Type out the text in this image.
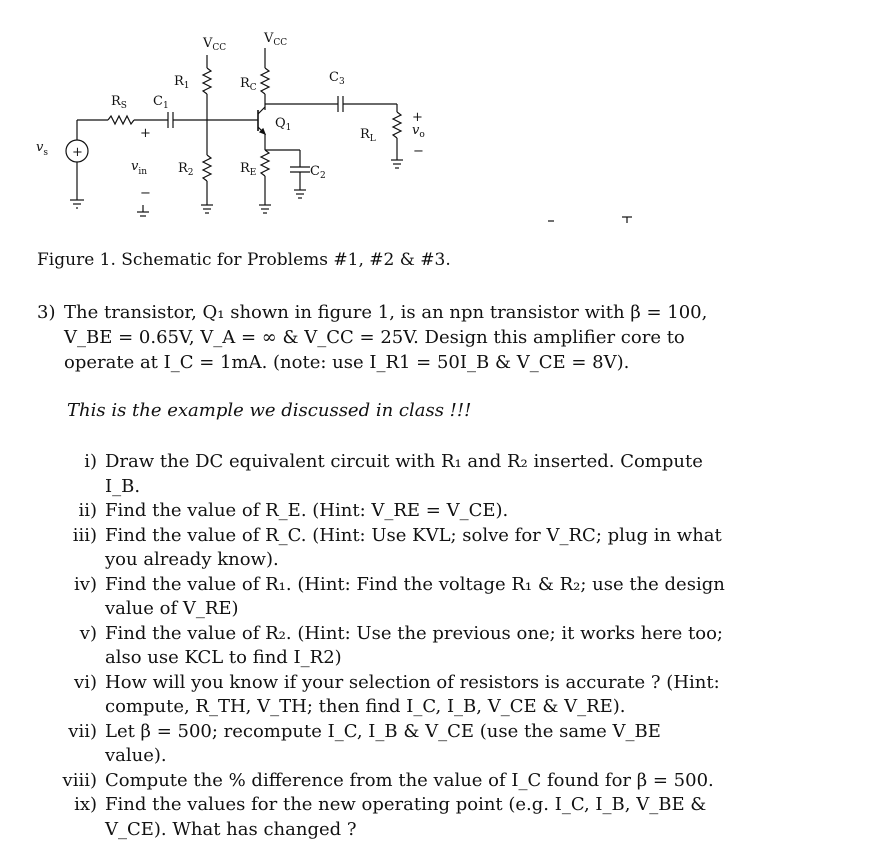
+
VCC
VCC
R1	RC
C3
RS C1
Q1	RL
+
vo
−
$v_s$
+
$v_{in}$
−
R2	RE	C2
Figure 1. Schematic for Problems #1, #2 & #3.
3) The transistor, Q₁ shown in figure 1, is an npn transistor with β = 100, V_BE = 0.65V, V_A = ∞ & V_CC = 25V. Design this amplifier core to operate at I_C = 1mA. (note: use I_R1 = 50I_B & V_CE = 8V).
This is the example we discussed in class !!!
i) Draw the DC equivalent circuit with R₁ and R₂ inserted. Compute I_B.
ii) Find the value of R_E. (Hint: V_RE = V_CE).
iii) Find the value of R_C. (Hint: Use KVL; solve for V_RC; plug in what you already know).
iv) Find the value of R₁. (Hint: Find the voltage R₁ & R₂; use the design value of V_RE)
v) Find the value of R₂. (Hint: Use the previous one; it works here too; also use KCL to find I_R2)
vi) How will you know if your selection of resistors is accurate ? (Hint: compute, R_TH, V_TH; then find I_C, I_B, V_CE & V_RE).
vii) Let β = 500; recompute I_C, I_B & V_CE (use the same V_BE value).
viii) Compute the % difference from the value of I_C found for β = 500.
ix) Find the values for the new operating point (e.g. I_C, I_B, V_BE & V_CE). What has changed ?
